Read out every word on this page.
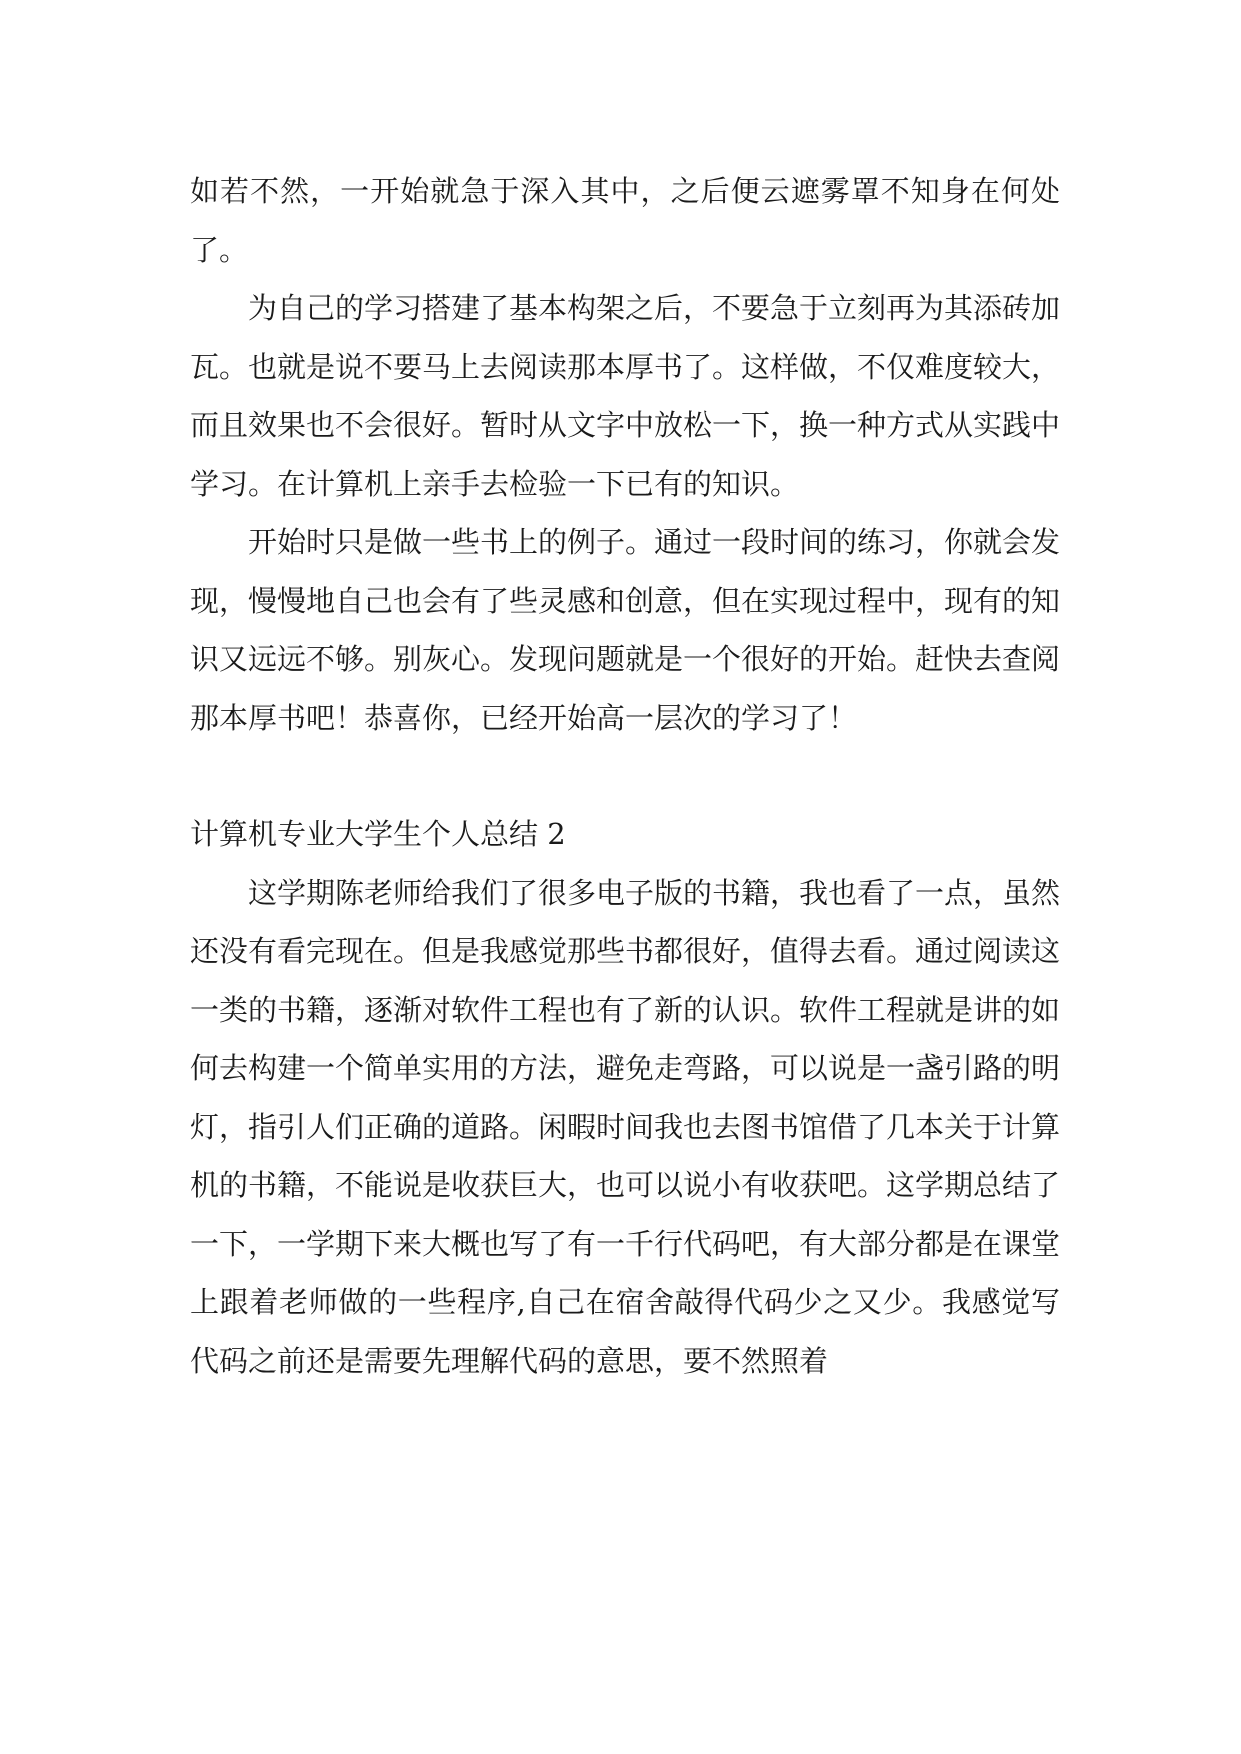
如若不然，一开始就急于深入其中，之后便云遮雾罩不知身在何处了。

为自己的学习搭建了基本构架之后，不要急于立刻再为其添砖加瓦。也就是说不要马上去阅读那本厚书了。这样做，不仅难度较大，而且效果也不会很好。暂时从文字中放松一下，换一种方式从实践中学习。在计算机上亲手去检验一下已有的知识。

开始时只是做一些书上的例子。通过一段时间的练习，你就会发现，慢慢地自己也会有了些灵感和创意，但在实现过程中，现有的知识又远远不够。别灰心。发现问题就是一个很好的开始。赶快去查阅那本厚书吧！恭喜你，已经开始高一层次的学习了！

计算机专业大学生个人总结 2

这学期陈老师给我们了很多电子版的书籍，我也看了一点，虽然还没有看完现在。但是我感觉那些书都很好，值得去看。通过阅读这一类的书籍，逐渐对软件工程也有了新的认识。软件工程就是讲的如何去构建一个简单实用的方法，避免走弯路，可以说是一盏引路的明灯，指引人们正确的道路。闲暇时间我也去图书馆借了几本关于计算机的书籍，不能说是收获巨大，也可以说小有收获吧。这学期总结了一下，一学期下来大概也写了有一千行代码吧，有大部分都是在课堂上跟着老师做的一些程序,自己在宿舍敲得代码少之又少。我感觉写代码之前还是需要先理解代码的意思，要不然照着
